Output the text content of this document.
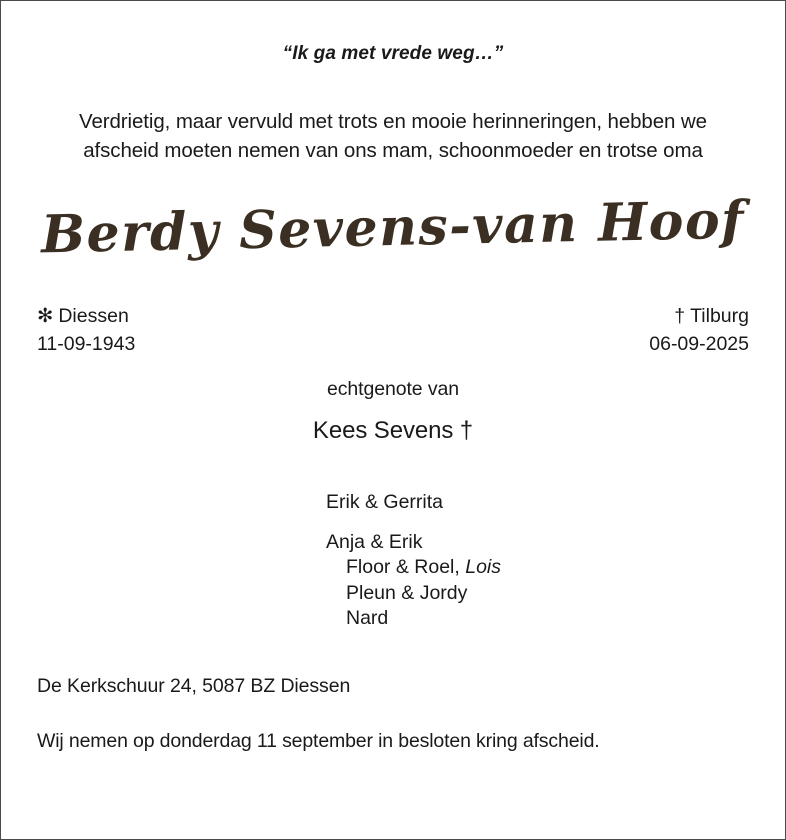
“Ik ga met vrede weg…”
Verdrietig, maar vervuld met trots en mooie herinneringen, hebben we
afscheid moeten nemen van ons mam, schoonmoeder en trotse oma
Berdy Sevens-van Hoof
✻ Diessen
11-09-1943
† Tilburg
06-09-2025
echtgenote van
Kees Sevens †
Erik & Gerrita
Anja & Erik
Floor & Roel, Lois
Pleun & Jordy
Nard
De Kerkschuur 24, 5087 BZ Diessen
Wij nemen op donderdag 11 september in besloten kring afscheid.
